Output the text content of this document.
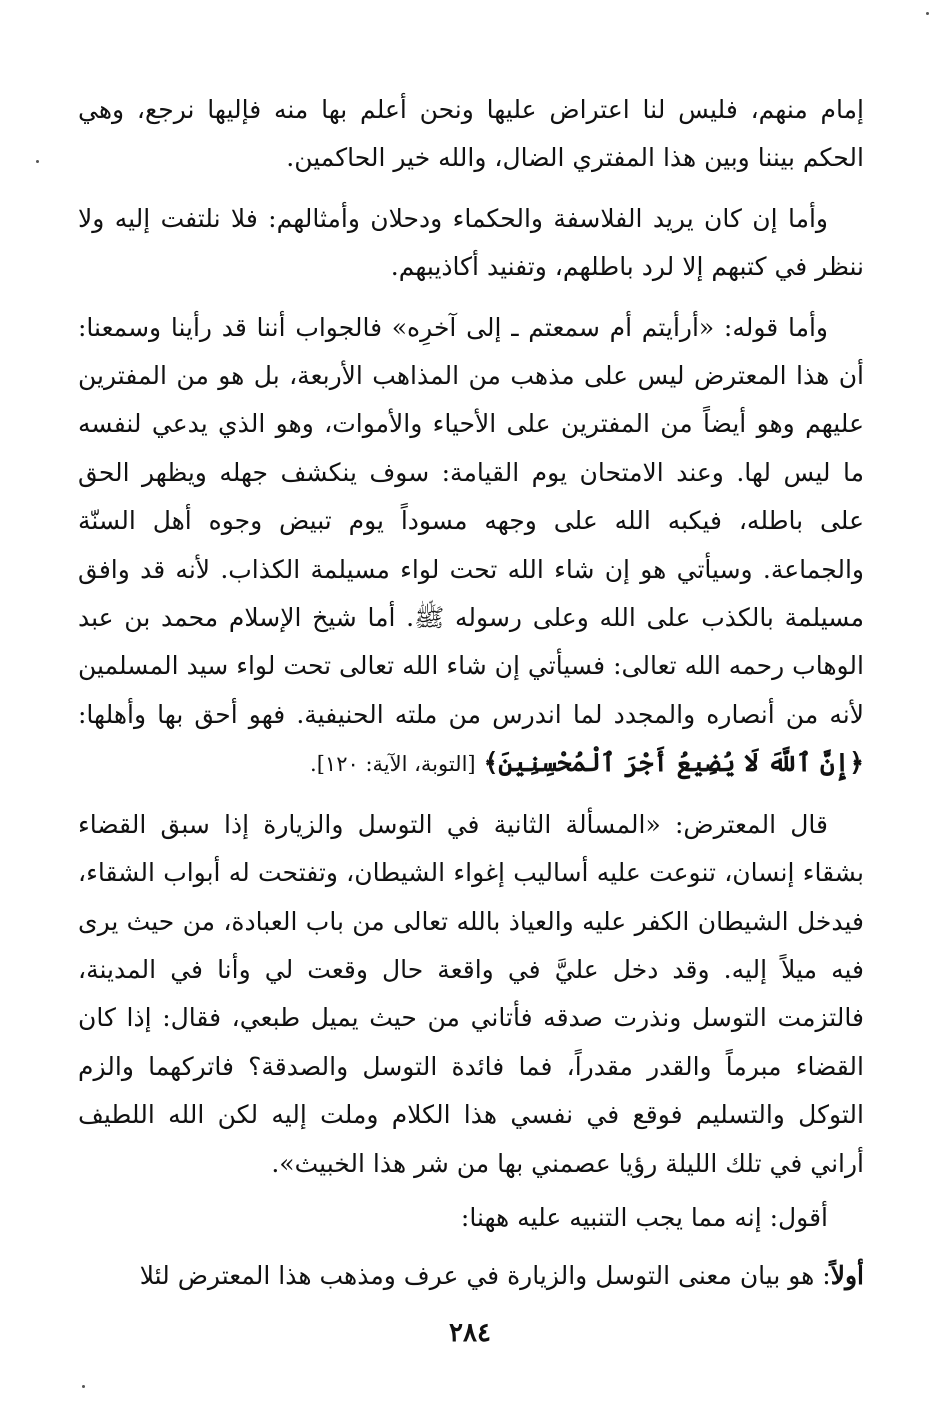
إمام منهم، فليس لنا اعتراض عليها ونحن أعلم بها منه فإليها نرجع، وهي الحكم بيننا وبين هذا المفتري الضال، والله خير الحاكمين.

وأما إن كان يريد الفلاسفة والحكماء ودحلان وأمثالهم: فلا نلتفت إليه ولا ننظر في كتبهم إلا لرد باطلهم، وتفنيد أكاذيبهم.

وأما قوله: «أرأيتم أم سمعتم ـ إلى آخرِه» فالجواب أننا قد رأينا وسمعنا: أن هذا المعترض ليس على مذهب من المذاهب الأربعة، بل هو من المفترين عليهم وهو أيضاً من المفترين على الأحياء والأموات، وهو الذي يدعي لنفسه ما ليس لها. وعند الامتحان يوم القيامة: سوف ينكشف جهله ويظهر الحق على باطله، فيكبه الله على وجهه مسوداً يوم تبيض وجوه أهل السنّة والجماعة. وسيأتي هو إن شاء الله تحت لواء مسيلمة الكذاب. لأنه قد وافق مسيلمة بالكذب على الله وعلى رسوله ﷺ. أما شيخ الإسلام محمد بن عبد الوهاب رحمه الله تعالى: فسيأتي إن شاء الله تعالى تحت لواء سيد المسلمين لأنه من أنصاره والمجدد لما اندرس من ملته الحنيفية. فهو أحق بها وأهلها: ﴿إِنَّ ٱللَّهَ لَا يُضِيعُ أَجْرَ ٱلْمُحْسِنِينَ﴾ [التوبة، الآية: ١٢٠].

قال المعترض: «المسألة الثانية في التوسل والزيارة إذا سبق القضاء بشقاء إنسان، تنوعت عليه أساليب إغواء الشيطان، وتفتحت له أبواب الشقاء، فيدخل الشيطان الكفر عليه والعياذ بالله تعالى من باب العبادة، من حيث يرى فيه ميلاً إليه. وقد دخل عليَّ في واقعة حال وقعت لي وأنا في المدينة، فالتزمت التوسل ونذرت صدقه فأتاني من حيث يميل طبعي، فقال: إذا كان القضاء مبرماً والقدر مقدراً، فما فائدة التوسل والصدقة؟ فاتركهما والزم التوكل والتسليم فوقع في نفسي هذا الكلام وملت إليه لكن الله اللطيف أراني في تلك الليلة رؤيا عصمني بها من شر هذا الخبيث».

أقول: إنه مما يجب التنبيه عليه ههنا:

أولاً: هو بيان معنى التوسل والزيارة في عرف ومذهب هذا المعترض لئلا

٢٨٤
